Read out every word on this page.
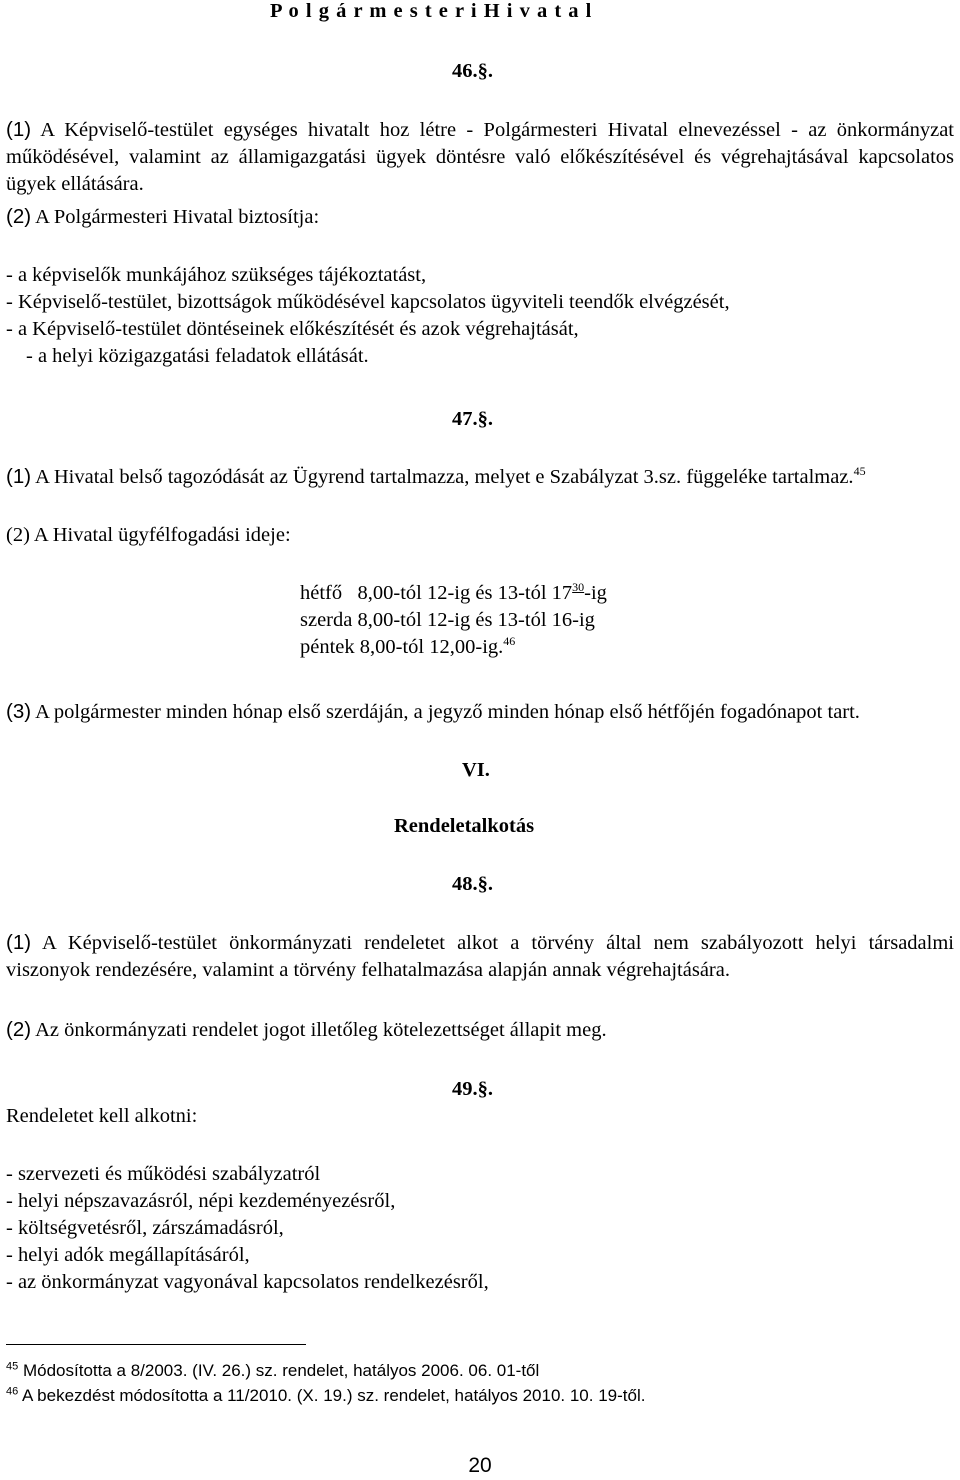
P o l g á r m e s t e r i H i v a t a l
46.§.
(1) A Képviselő-testület egységes hivatalt hoz létre - Polgármesteri Hivatal elnevezéssel - az önkormányzat működésével, valamint az államigazgatási ügyek döntésre való előkészítésével és végrehajtásával kapcsolatos ügyek ellátására.
(2) A Polgármesteri Hivatal biztosítja:
- a képviselők munkájához szükséges tájékoztatást,
- Képviselő-testület, bizottságok működésével kapcsolatos ügyviteli teendők elvégzését,
- a Képviselő-testület döntéseinek előkészítését és azok végrehajtását,
- a helyi közigazgatási feladatok ellátását.
47.§.
(1) A Hivatal belső tagozódását az Ügyrend tartalmazza, melyet e Szabályzat 3.sz. függeléke tartalmaz.$^{45}$
(2) A Hivatal ügyfélfogadási ideje:
hétfő   8,00-tól 12-ig és 13-tól $17^{30}-ig$
szerda 8,00-tól 12-ig és 13-tól 16-ig
péntek 8,00-tól 12,00-ig.$^{46}$
(3) A polgármester minden hónap első szerdáján, a jegyző minden hónap első hétfőjén fogadónapot tart.
VI.
Rendeletalkotás
48.§.
(1) A Képviselő-testület önkormányzati rendeletet alkot a törvény által nem szabályozott helyi társadalmi viszonyok rendezésére, valamint a törvény felhatalmazása alapján annak végrehajtására.
(2) Az önkormányzati rendelet jogot illetőleg kötelezettséget állapit meg.
49.§.
Rendeletet kell alkotni:
- szervezeti és működési szabályzatról
- helyi népszavazásról, népi kezdeményezésről,
- költségvetésről, zárszámadásról,
- helyi adók megállapításáról,
- az önkormányzat vagyonával kapcsolatos rendelkezésről,
$^{45}$ Módosította a 8/2003. (IV. 26.) sz. rendelet, hatályos 2006. 06. 01-től
$^{46}$ A bekezdést módosította a 11/2010. (X. 19.) sz. rendelet, hatályos 2010. 10. 19-től.
20
